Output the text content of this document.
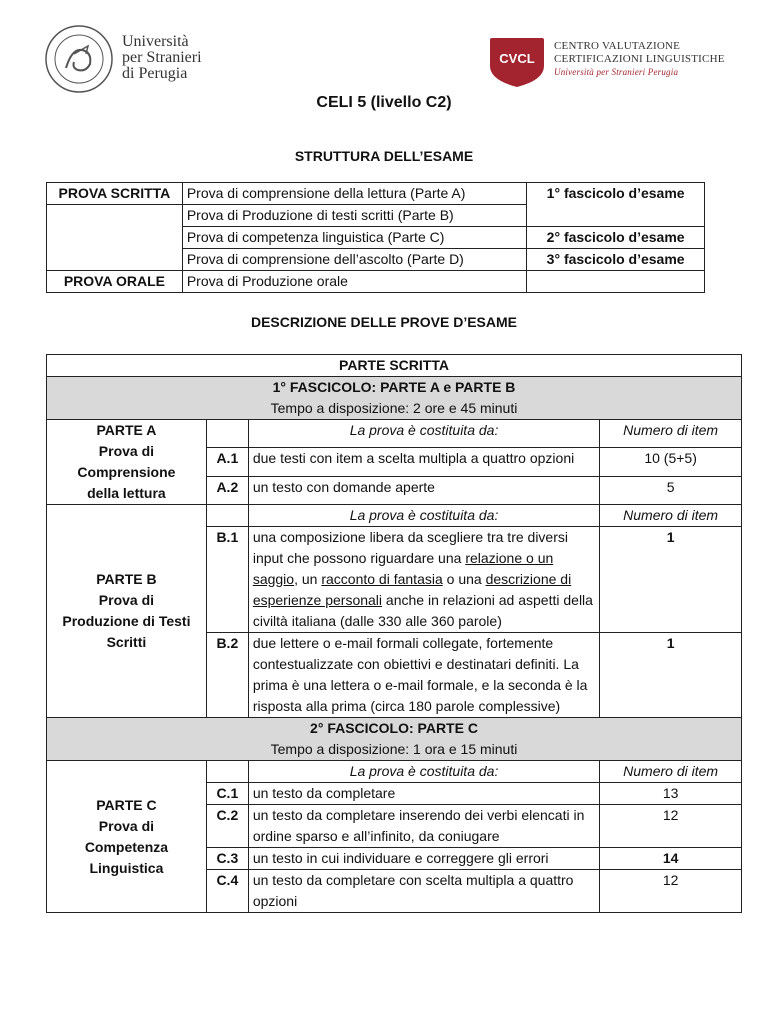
Università
per Stranieri
di Perugia
CVCL
CENTRO VALUTAZIONE
CERTIFICAZIONI LINGUISTICHE
Università per Stranieri Perugia
CELI 5 (livello C2)
STRUTTURA DELL’ESAME
PROVA SCRITTA	Prova di comprensione della lettura (Parte A)	1° fascicolo d’esame
	Prova di Produzione di testi scritti (Parte B)	
	Prova di competenza linguistica (Parte C)	2° fascicolo d’esame
	Prova di comprensione dell’ascolto (Parte D)	3° fascicolo d’esame
PROVA ORALE	Prova di Produzione orale	
DESCRIZIONE DELLE PROVE D’ESAME
PARTE SCRITTA			

1° FASCICOLO: PARTE A e PARTE B
Tempo a disposizione: 2 ore e 45 minuti			

PARTE A
Prova di
Comprensione
della lettura		La prova è costituita da:	Numero di item
	A.1	due testi con item a scelta multipla a quattro opzioni	10 (5+5)
	A.2	un testo con domande aperte	5

PARTE B
Prova di
Produzione di Testi
Scritti		La prova è costituita da:	Numero di item
	B.1	una composizione libera da scegliere tra tre diversi input che possono riguardare una relazione o un saggio, un racconto di fantasia o una descrizione di esperienze personali anche in relazioni ad aspetti della civiltà italiana (dalle 330 alle 360 parole)	1
	B.2	due lettere o e-mail formali collegate, fortemente contestualizzate con obiettivi e destinatari definiti. La prima è una lettera o e-mail formale, e la seconda è la risposta alla prima (circa 180 parole complessive)	1

2° FASCICOLO: PARTE C
Tempo a disposizione: 1 ora e 15 minuti			

PARTE C
Prova di
Competenza
Linguistica		La prova è costituita da:	Numero di item
	C.1	un testo da completare	13
	C.2	un testo da completare inserendo dei verbi elencati in ordine sparso e all’infinito, da coniugare	12
	C.3	un testo in cui individuare e correggere gli errori	14
	C.4	un testo da completare con scelta multipla a quattro opzioni	12
